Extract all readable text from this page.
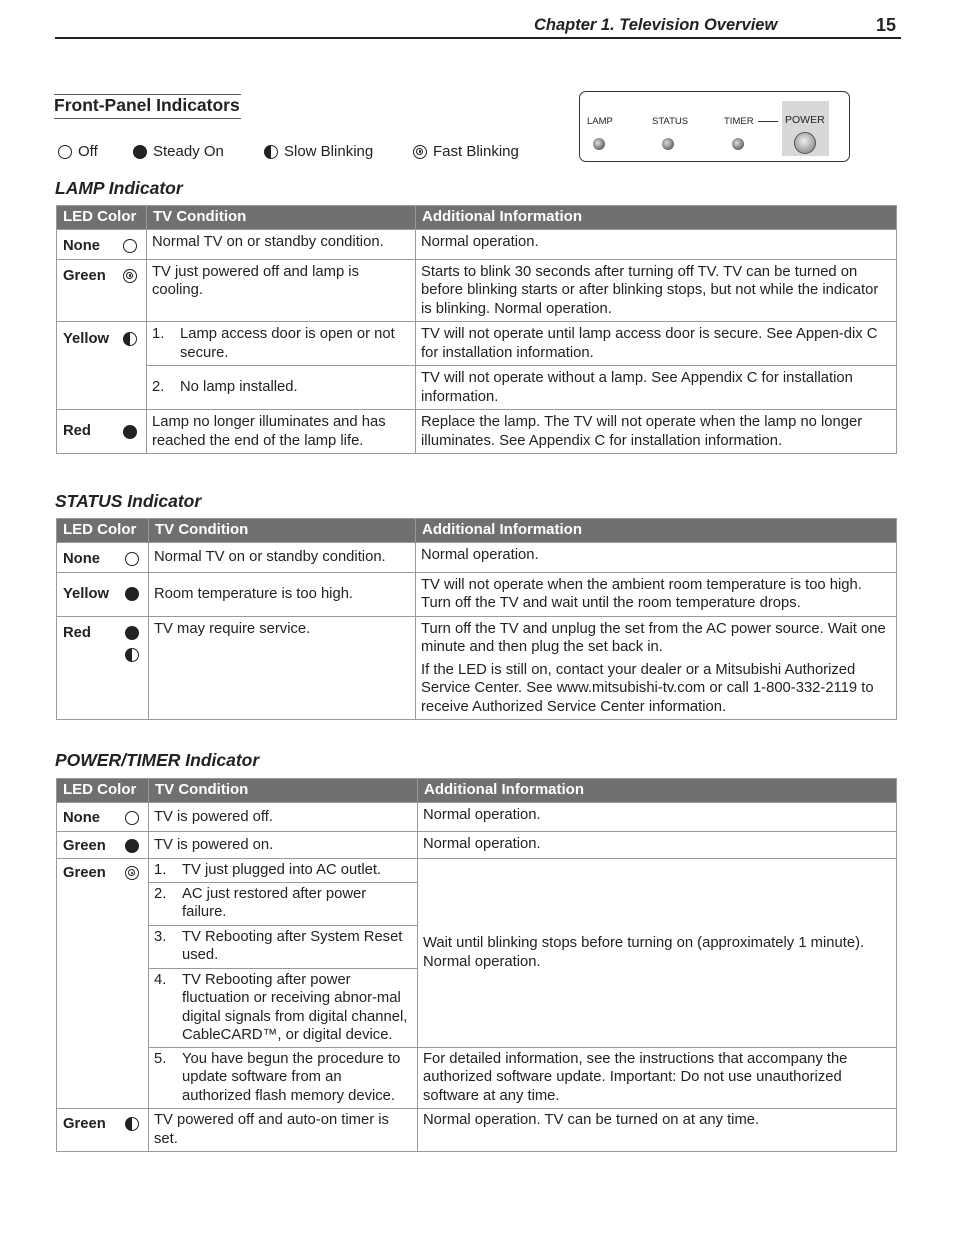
Chapter 1. Television Overview	15
Front-Panel Indicators
Off	Steady On	Slow Blinking	Fast Blinking
LAMP	STATUS	TIMER	POWER
LAMP Indicator
LED Color	TV Condition	Additional Information

None	Normal TV on or standby condition.	Normal operation.

Green	TV just powered off and lamp is cooling.	Starts to blink 30 seconds after turning off TV. TV can be turned on before blinking starts or after blinking stops, but not while the indicator is blinking. Normal operation.

Yellow	1. Lamp access door is open or not secure.	TV will not operate until lamp access door is secure. See Appen-dix C for installation information.

	2. No lamp installed.	TV will not operate without a lamp. See Appendix C for installation information.

Red	Lamp no longer illuminates and has reached the end of the lamp life.	Replace the lamp. The TV will not operate when the lamp no longer illuminates. See Appendix C for installation information.
STATUS Indicator
LED Color	TV Condition	Additional Information

None	Normal TV on or standby condition.	Normal operation.

Yellow	Room temperature is too high.	TV will not operate when the ambient room temperature is too high. Turn off the TV and wait until the room temperature drops.

Red	TV may require service.	Turn off the TV and unplug the set from the AC power source. Wait one minute and then plug the set back in.
If the LED is still on, contact your dealer or a Mitsubishi Authorized Service Center. See www.mitsubishi-tv.com or call 1-800-332-2119 to receive Authorized Service Center information.
POWER/TIMER Indicator
LED Color	TV Condition	Additional Information

None	TV is powered off.	Normal operation.

Green	TV is powered on.	Normal operation.

Green	1. TV just plugged into AC outlet.	Wait until blinking stops before turning on (approximately 1 minute). Normal operation.

	2. AC just restored after power failure.	

	3. TV Rebooting after System Reset used.	

	4. TV Rebooting after power fluctuation or receiving abnor-mal digital signals from digital channel, CableCARD™, or digital device.	

	5. You have begun the procedure to update software from an authorized flash memory device.	For detailed information, see the instructions that accompany the authorized software update. Important: Do not use unauthorized software at any time.

Green	TV powered off and auto-on timer is set.	Normal operation. TV can be turned on at any time.
